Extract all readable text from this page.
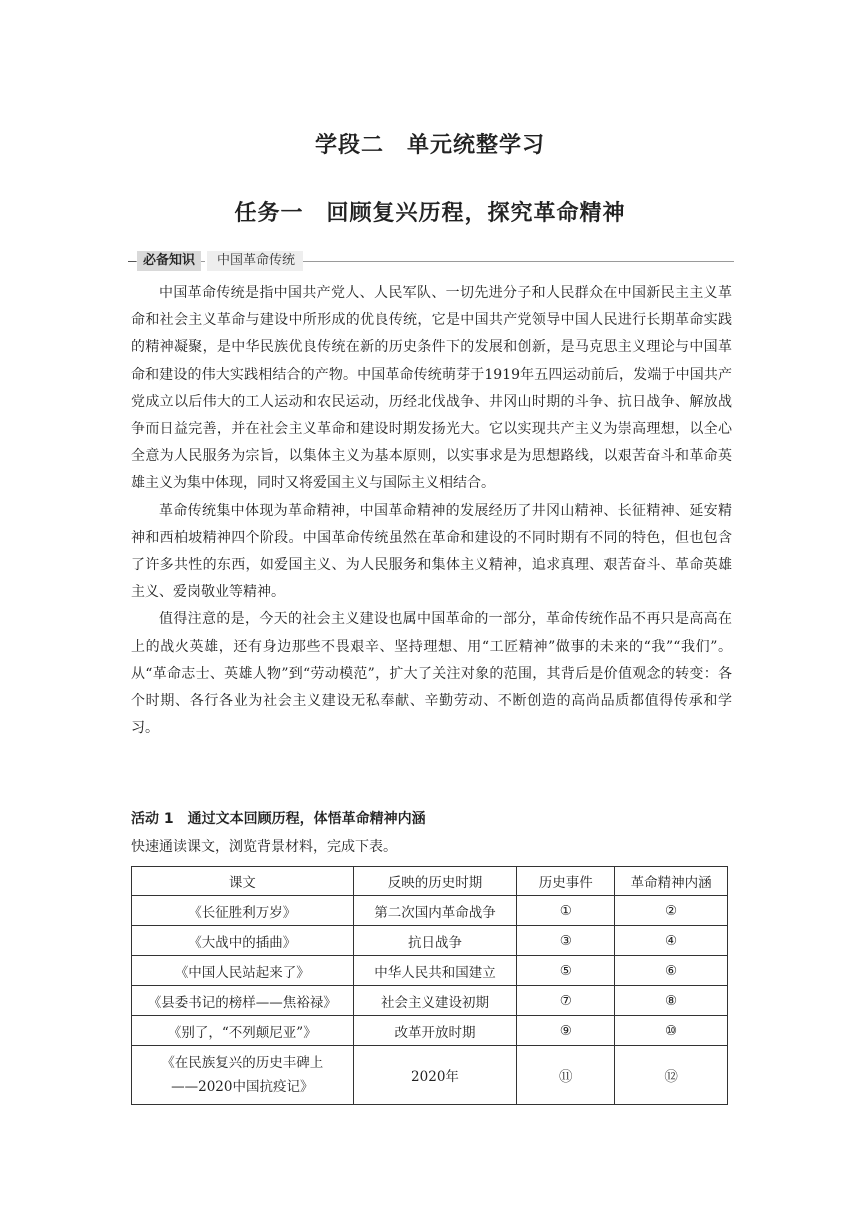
学段二　单元统整学习
任务一　回顾复兴历程，探究革命精神
必备知识	中国革命传统

中国革命传统是指中国共产党人、人民军队、一切先进分子和人民群众在中国新民主主义革命和社会主义革命与建设中所形成的优良传统，它是中国共产党领导中国人民进行长期革命实践的精神凝聚，是中华民族优良传统在新的历史条件下的发展和创新，是马克思主义理论与中国革命和建设的伟大实践相结合的产物。中国革命传统萌芽于1919年五四运动前后，发端于中国共产党成立以后伟大的工人运动和农民运动，历经北伐战争、井冈山时期的斗争、抗日战争、解放战争而日益完善，并在社会主义革命和建设时期发扬光大。它以实现共产主义为崇高理想，以全心全意为人民服务为宗旨，以集体主义为基本原则，以实事求是为思想路线，以艰苦奋斗和革命英雄主义为集中体现，同时又将爱国主义与国际主义相结合。

革命传统集中体现为革命精神，中国革命精神的发展经历了井冈山精神、长征精神、延安精神和西柏坡精神四个阶段。中国革命传统虽然在革命和建设的不同时期有不同的特色，但也包含了许多共性的东西，如爱国主义、为人民服务和集体主义精神，追求真理、艰苦奋斗、革命英雄主义、爱岗敬业等精神。

值得注意的是，今天的社会主义建设也属中国革命的一部分，革命传统作品不再只是高高在上的战火英雄，还有身边那些不畏艰辛、坚持理想、用“工匠精神”做事的未来的“我”“我们”。从“革命志士、英雄人物”到“劳动模范”，扩大了关注对象的范围，其背后是价值观念的转变：各个时期、各行各业为社会主义建设无私奉献、辛勤劳动、不断创造的高尚品质都值得传承和学习。

活动 1　通过文本回顾历程，体悟革命精神内涵
快速通读课文，浏览背景材料，完成下表。
课文	反映的历史时期	历史事件	革命精神内涵
《长征胜利万岁》	第二次国内革命战争	①	②
《大战中的插曲》	抗日战争	③	④
《中国人民站起来了》	中华人民共和国建立	⑤	⑥
《县委书记的榜样——焦裕禄》	社会主义建设初期	⑦	⑧
《别了，“不列颠尼亚”》	改革开放时期	⑨	⑩
《在民族复兴的历史丰碑上
——2020中国抗疫记》	2020年	⑪	⑫
